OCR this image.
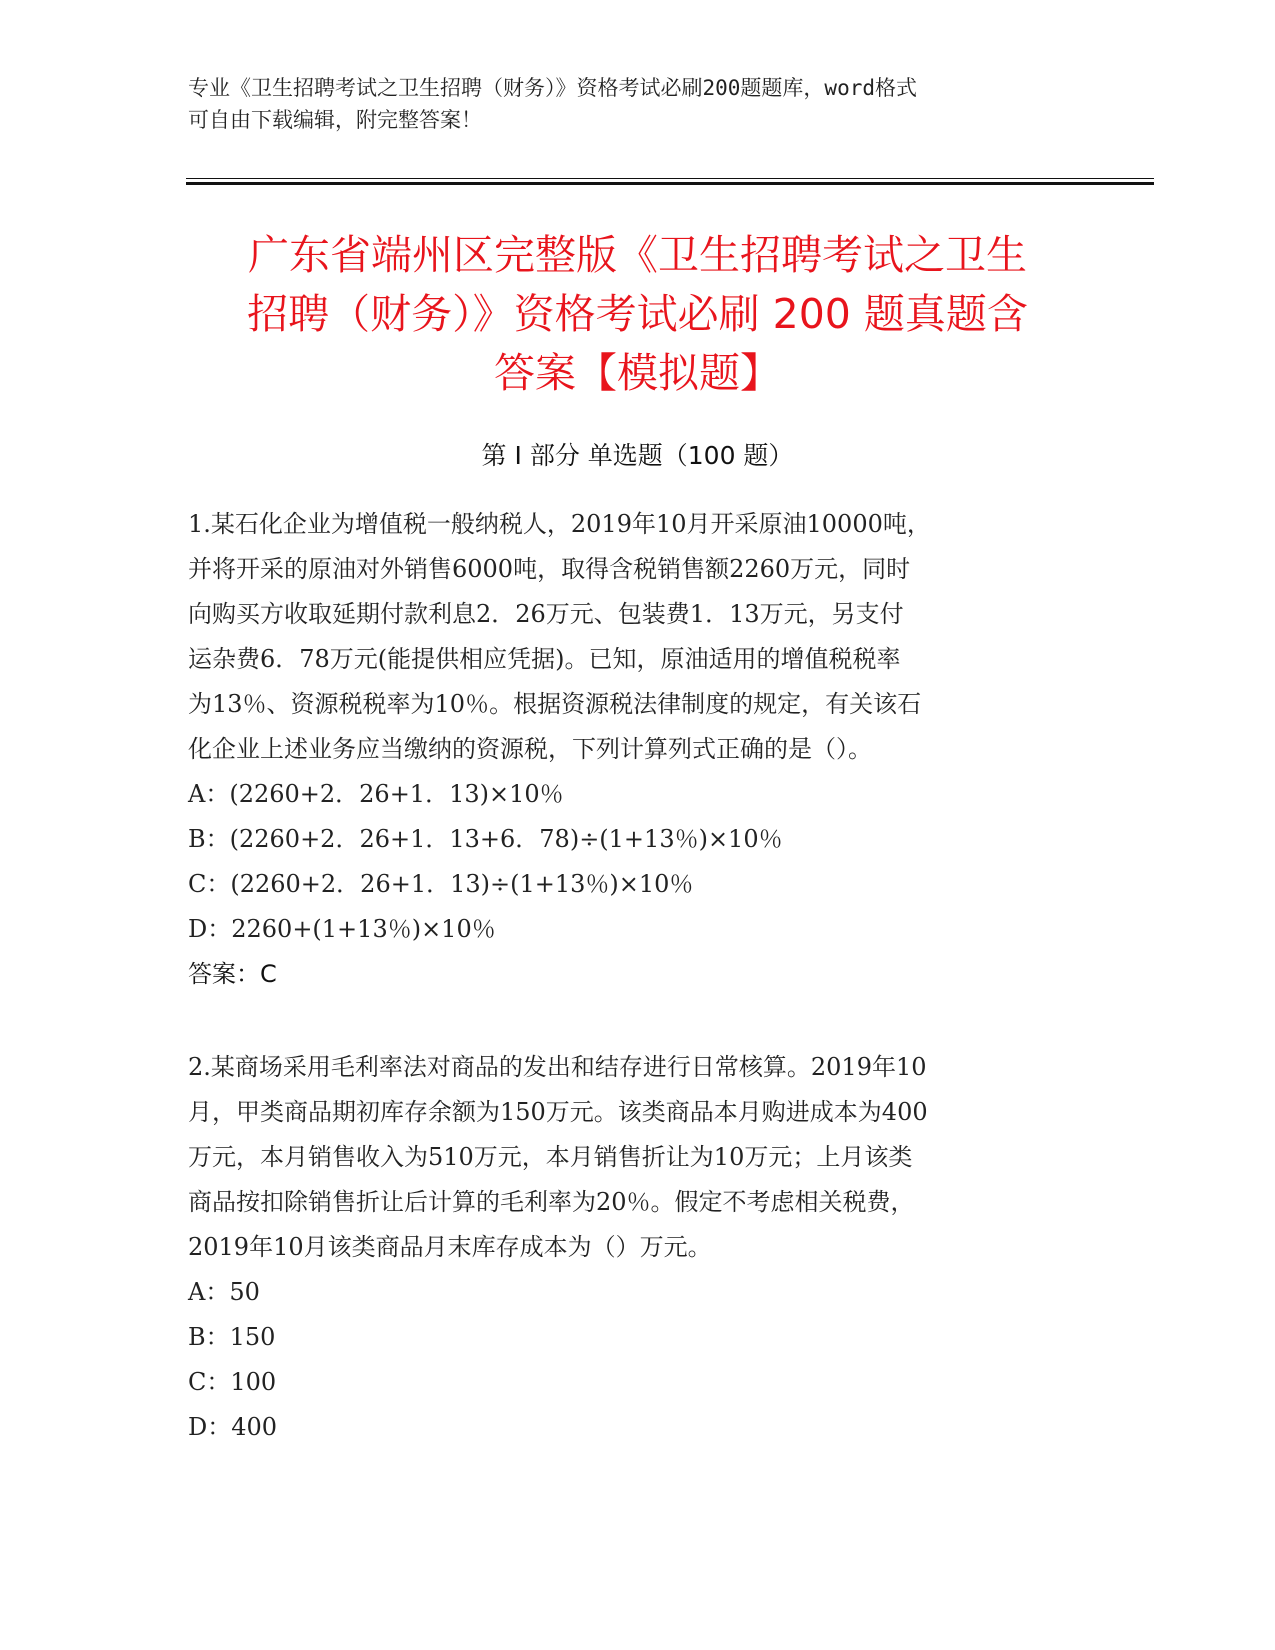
专业《卫生招聘考试之卫生招聘（财务）》资格考试必刷200题题库，word格式
可自由下载编辑，附完整答案！
广东省端州区完整版《卫生招聘考试之卫生
招聘（财务）》资格考试必刷 200 题真题含
答案【模拟题】
第 I 部分 单选题（100 题）
1.某石化企业为增值税一般纳税人，2019年10月开采原油10000吨，
并将开采的原油对外销售6000吨，取得含税销售额2260万元，同时
向购买方收取延期付款利息2．26万元、包装费1．13万元，另支付
运杂费6．78万元(能提供相应凭据)。已知，原油适用的增值税税率
为13％、资源税税率为10％。根据资源税法律制度的规定，有关该石
化企业上述业务应当缴纳的资源税，下列计算列式正确的是（）。
A：(2260+2．26+1．13)×10％
B：(2260+2．26+1．13+6．78)÷(1+13％)×10％
C：(2260+2．26+1．13)÷(1+13％)×10％
D：2260+(1+13％)×10％
答案：C
2.某商场采用毛利率法对商品的发出和结存进行日常核算。2019年10
月，甲类商品期初库存余额为150万元。该类商品本月购进成本为400
万元，本月销售收入为510万元，本月销售折让为10万元；上月该类
商品按扣除销售折让后计算的毛利率为20％。假定不考虑相关税费，
2019年10月该类商品月末库存成本为（）万元。
A：50
B：150
C：100
D：400
